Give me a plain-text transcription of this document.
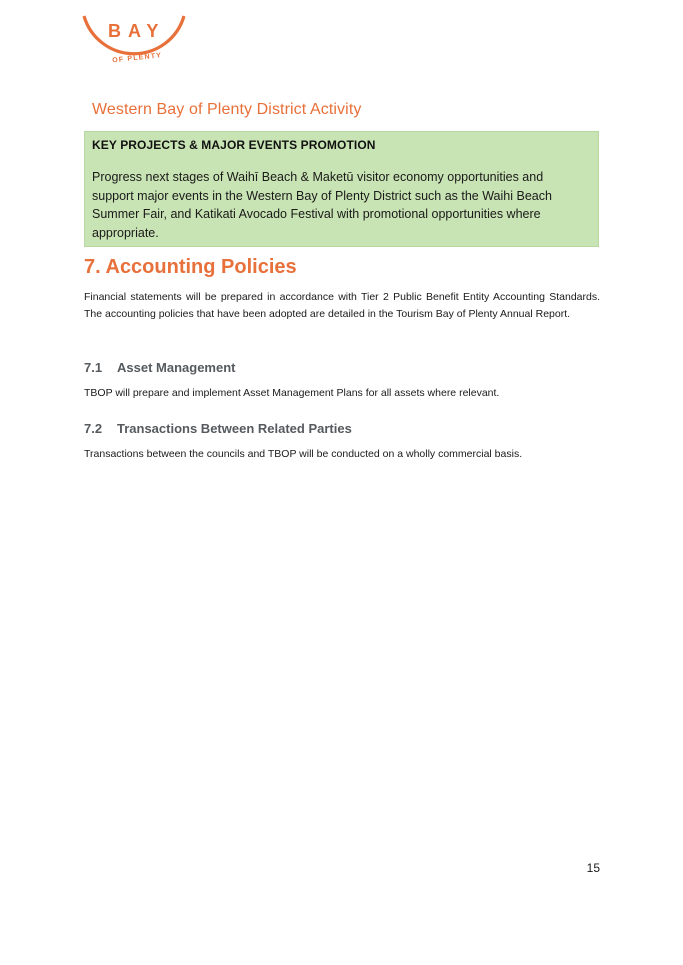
BAY
OF PLENTY
Western Bay of Plenty District Activity

KEY PROJECTS & MAJOR EVENTS PROMOTION

Progress next stages of Waihī Beach & Maketū visitor economy opportunities and support major events in the Western Bay of Plenty District such as the Waihi Beach Summer Fair, and Katikati Avocado Festival with promotional opportunities where appropriate.

7. Accounting Policies

Financial statements will be prepared in accordance with Tier 2 Public Benefit Entity Accounting Standards. The accounting policies that have been adopted are detailed in the Tourism Bay of Plenty Annual Report.

7.1 Asset Management

TBOP will prepare and implement Asset Management Plans for all assets where relevant.

7.2 Transactions Between Related Parties

Transactions between the councils and TBOP will be conducted on a wholly commercial basis.

15
